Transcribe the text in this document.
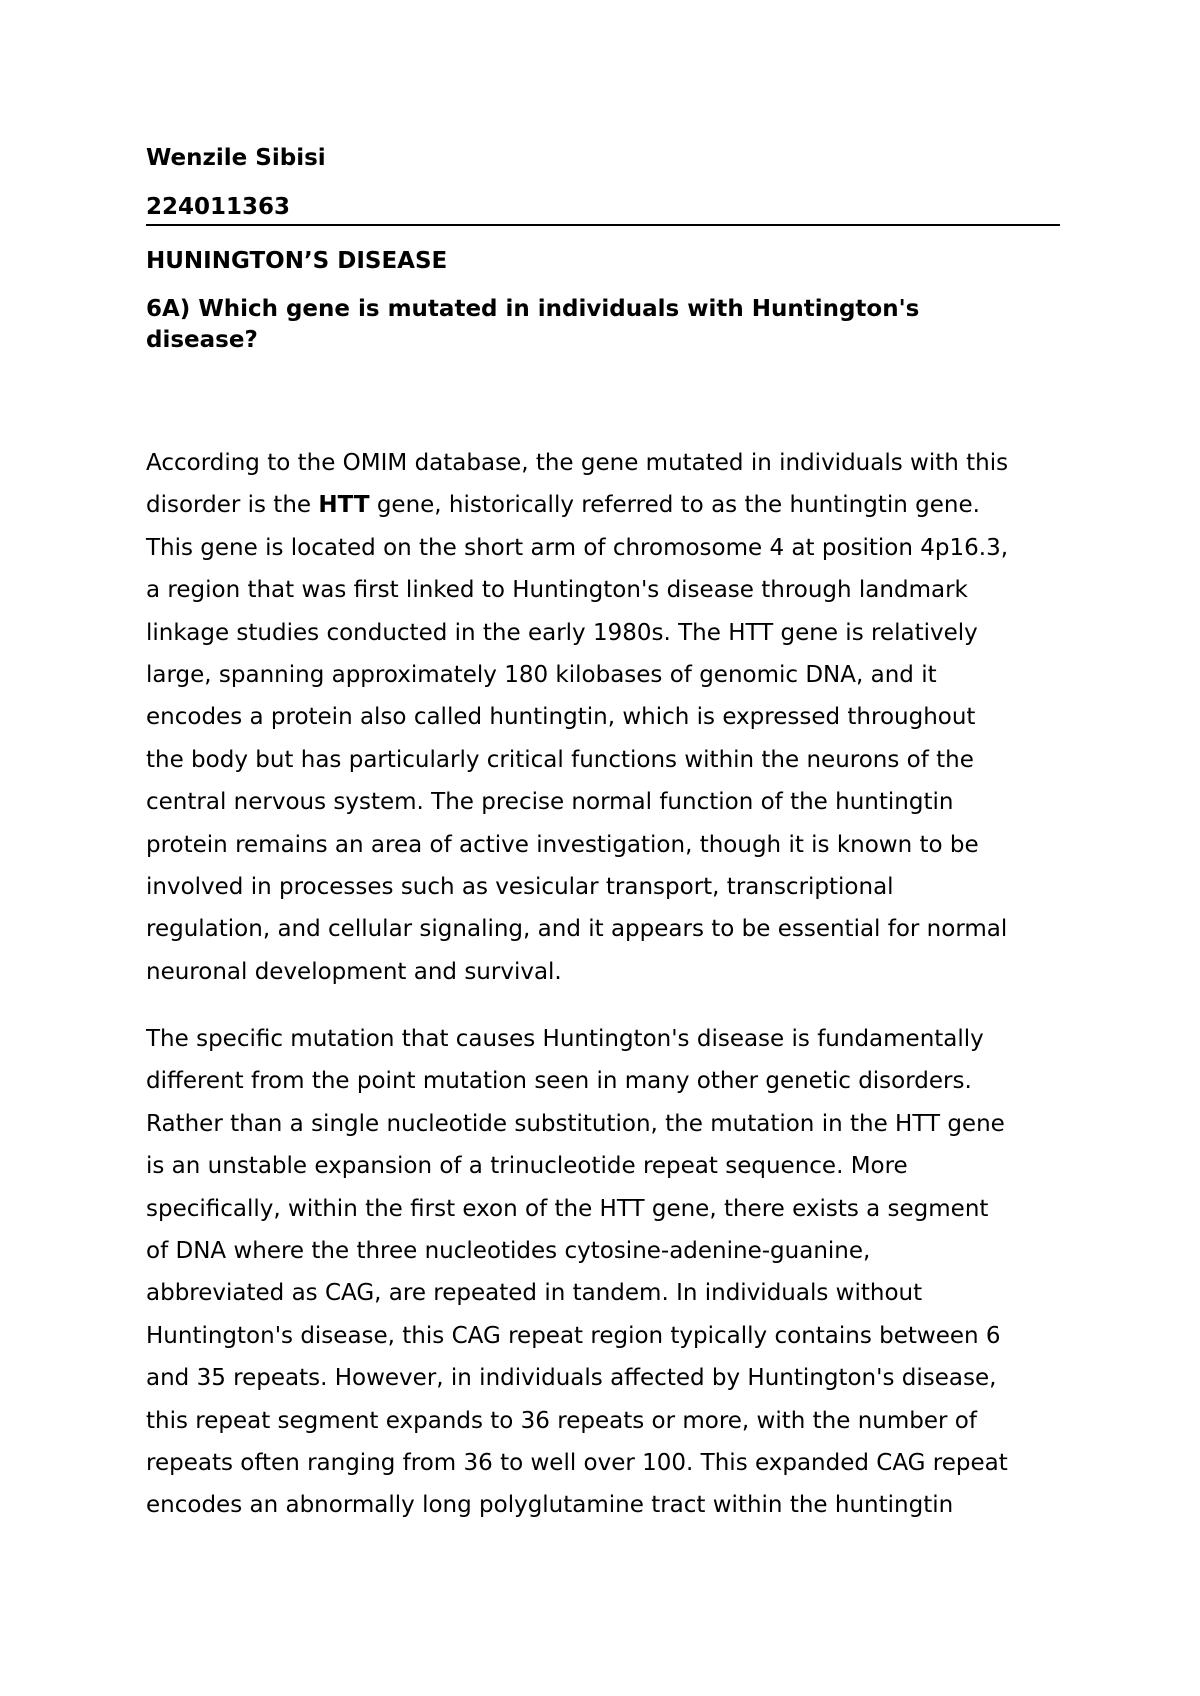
Wenzile Sibisi
224011363
HUNINGTON’S DISEASE
6A) Which gene is mutated in individuals with Huntington's
disease?
According to the OMIM database, the gene mutated in individuals with this
disorder is the HTT gene, historically referred to as the huntingtin gene.
This gene is located on the short arm of chromosome 4 at position 4p16.3,
a region that was first linked to Huntington's disease through landmark
linkage studies conducted in the early 1980s. The HTT gene is relatively
large, spanning approximately 180 kilobases of genomic DNA, and it
encodes a protein also called huntingtin, which is expressed throughout
the body but has particularly critical functions within the neurons of the
central nervous system. The precise normal function of the huntingtin
protein remains an area of active investigation, though it is known to be
involved in processes such as vesicular transport, transcriptional
regulation, and cellular signaling, and it appears to be essential for normal
neuronal development and survival.
The specific mutation that causes Huntington's disease is fundamentally
different from the point mutation seen in many other genetic disorders.
Rather than a single nucleotide substitution, the mutation in the HTT gene
is an unstable expansion of a trinucleotide repeat sequence. More
specifically, within the first exon of the HTT gene, there exists a segment
of DNA where the three nucleotides cytosine-adenine-guanine,
abbreviated as CAG, are repeated in tandem. In individuals without
Huntington's disease, this CAG repeat region typically contains between 6
and 35 repeats. However, in individuals affected by Huntington's disease,
this repeat segment expands to 36 repeats or more, with the number of
repeats often ranging from 36 to well over 100. This expanded CAG repeat
encodes an abnormally long polyglutamine tract within the huntingtin
